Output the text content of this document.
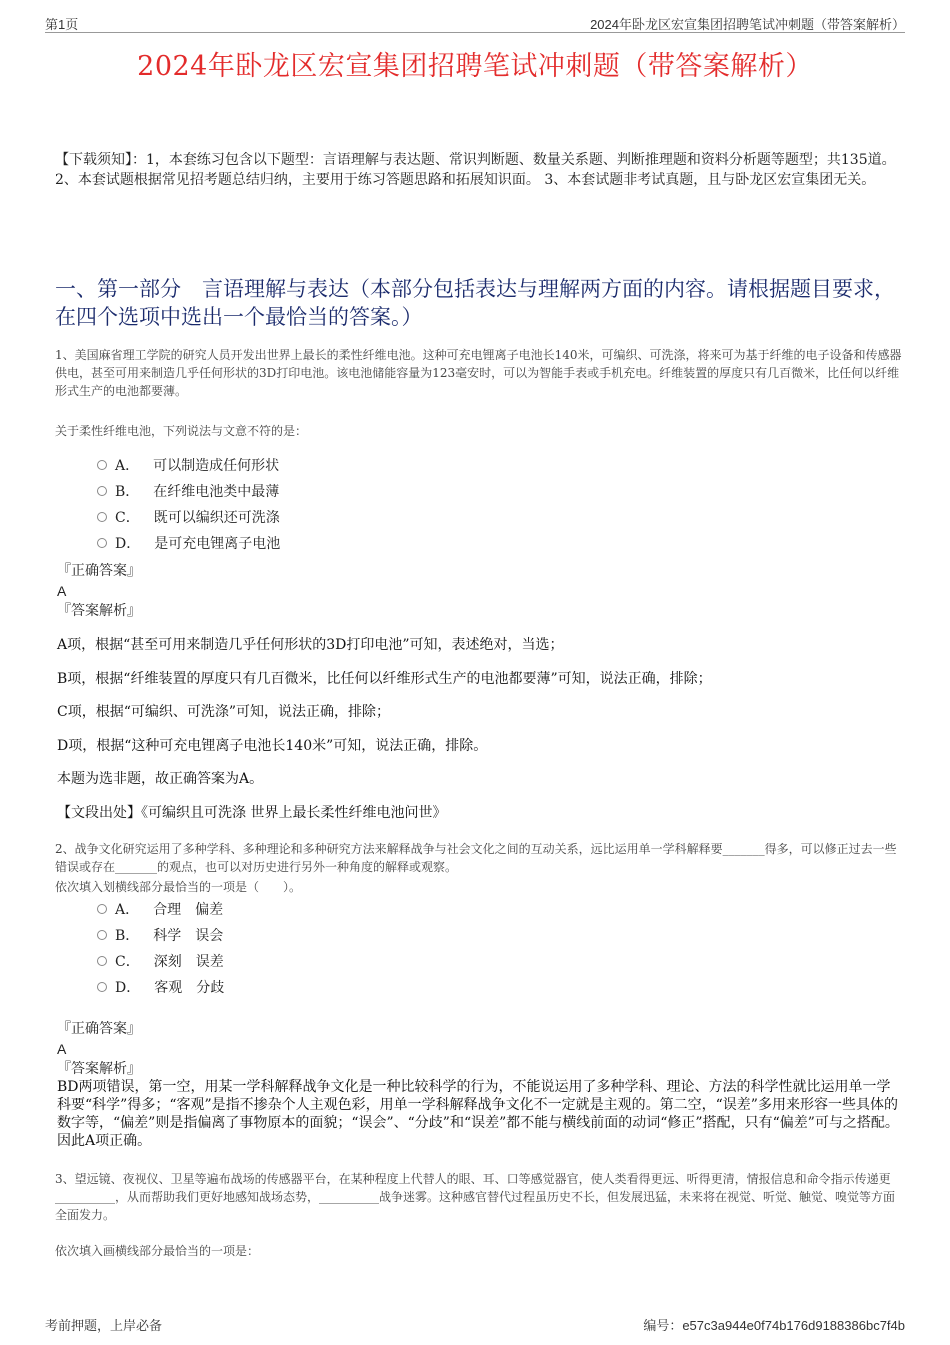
第1页	2024年卧龙区宏宣集团招聘笔试冲刺题（带答案解析）
2024年卧龙区宏宣集团招聘笔试冲刺题（带答案解析）
【下载须知】：1，本套练习包含以下题型：言语理解与表达题、常识判断题、数量关系题、判断推理题和资料分析题等题型；共135道。 2、本套试题根据常见招考题总结归纳，主要用于练习答题思路和拓展知识面。 3、本套试题非考试真题，且与卧龙区宏宣集团无关。
一、第一部分　言语理解与表达（本部分包括表达与理解两方面的内容。请根据题目要求，在四个选项中选出一个最恰当的答案。）
1、美国麻省理工学院的研究人员开发出世界上最长的柔性纤维电池。这种可充电锂离子电池长140米，可编织、可洗涤，将来可为基于纤维的电子设备和传感器供电，甚至可用来制造几乎任何形状的3D打印电池。该电池储能容量为123毫安时，可以为智能手表或手机充电。纤维装置的厚度只有几百微米，比任何以纤维形式生产的电池都要薄。
关于柔性纤维电池，下列说法与文意不符的是：
A． 可以制造成任何形状
B． 在纤维电池类中最薄
C． 既可以编织还可洗涤
D． 是可充电锂离子电池
『正确答案』
A
『答案解析』
A项，根据“甚至可用来制造几乎任何形状的3D打印电池”可知，表述绝对，当选；
B项，根据“纤维装置的厚度只有几百微米，比任何以纤维形式生产的电池都要薄”可知，说法正确，排除；
C项，根据“可编织、可洗涤”可知，说法正确，排除；
D项，根据“这种可充电锂离子电池长140米”可知，说法正确，排除。
本题为选非题，故正确答案为A。
【文段出处】《可编织且可洗涤 世界上最长柔性纤维电池问世》
2、战争文化研究运用了多种学科、多种理论和多种研究方法来解释战争与社会文化之间的互动关系，远比运用单一学科解释要_______得多，可以修正过去一些错误或存在_______的观点，也可以对历史进行另外一种角度的解释或观察。
依次填入划横线部分最恰当的一项是（　　）。
A． 合理　偏差
B． 科学　误会
C． 深刻　误差
D． 客观　分歧
『正确答案』
A
『答案解析』
BD两项错误，第一空，用某一学科解释战争文化是一种比较科学的行为，不能说运用了多种学科、理论、方法的科学性就比运用单一学科要“科学”得多；“客观”是指不掺杂个人主观色彩，用单一学科解释战争文化不一定就是主观的。第二空，“误差”多用来形容一些具体的数字等，“偏差”则是指偏离了事物原本的面貌；“误会”、“分歧”和“误差”都不能与横线前面的动词“修正”搭配，只有“偏差”可与之搭配。因此A项正确。
3、望远镜、夜视仪、卫星等遍布战场的传感器平台，在某种程度上代替人的眼、耳、口等感觉器官，使人类看得更远、听得更清，情报信息和命令指示传递更__________，从而帮助我们更好地感知战场态势，__________战争迷雾。这种感官替代过程虽历史不长，但发展迅猛，未来将在视觉、听觉、触觉、嗅觉等方面全面发力。
依次填入画横线部分最恰当的一项是：
考前押题，上岸必备	编号：e57c3a944e0f74b176d9188386bc7f4b
